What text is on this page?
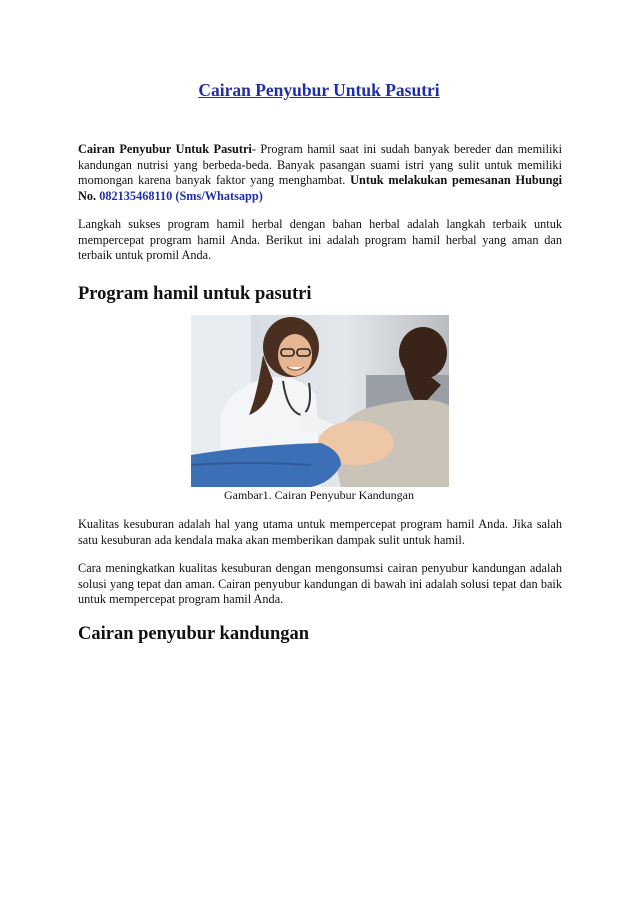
Cairan Penyubur Untuk Pasutri
Cairan Penyubur Untuk Pasutri- Program hamil saat ini sudah banyak bereder dan memiliki kandungan nutrisi yang berbeda-beda. Banyak pasangan suami istri yang sulit untuk memiliki momongan karena banyak faktor yang menghambat. Untuk melakukan pemesanan Hubungi No. 082135468110 (Sms/Whatsapp)
Langkah sukses program hamil herbal dengan bahan herbal adalah langkah terbaik untuk mempercepat program hamil Anda. Berikut ini adalah program hamil herbal yang aman dan terbaik untuk promil Anda.
Program hamil untuk pasutri
Gambar1. Cairan Penyubur Kandungan
Kualitas kesuburan adalah hal yang utama untuk mempercepat program hamil Anda. Jika salah satu kesuburan ada kendala maka akan memberikan dampak sulit untuk hamil.
Cara meningkatkan kualitas kesuburan dengan mengonsumsi cairan penyubur kandungan adalah solusi yang tepat dan aman. Cairan penyubur kandungan di bawah ini adalah solusi tepat dan baik untuk mempercepat program hamil Anda.
Cairan penyubur kandungan
